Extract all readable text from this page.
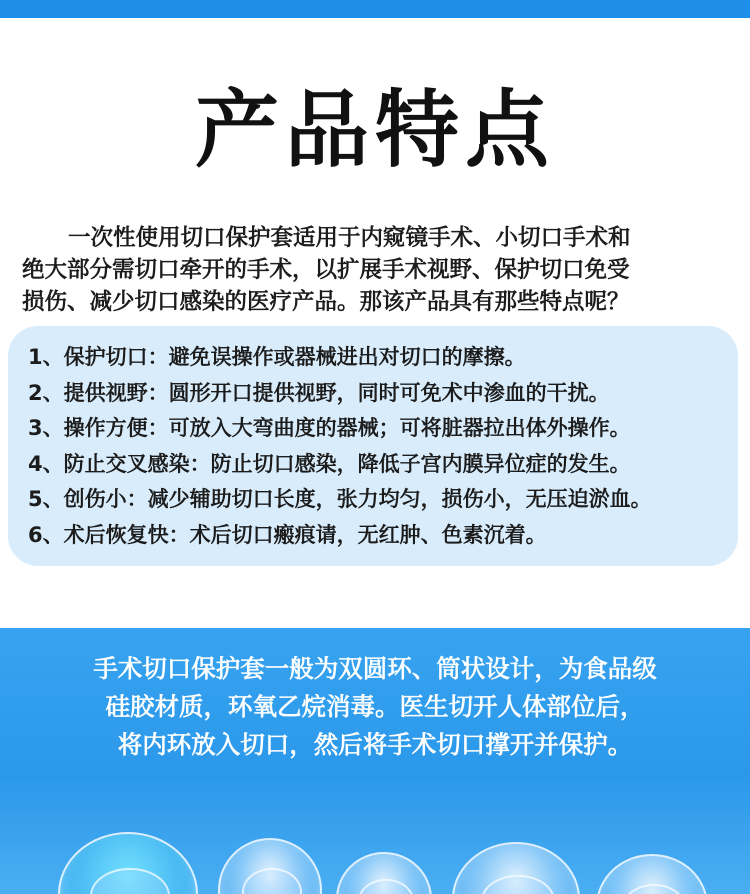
产品特点

一次性使用切口保护套适用于内窥镜手术、小切口手术和

绝大部分需切口牵开的手术，以扩展手术视野、保护切口免受

损伤、减少切口感染的医疗产品。那该产品具有那些特点呢？

1、保护切口：避免误操作或器械进出对切口的摩擦。
2、提供视野：圆形开口提供视野，同时可免术中渗血的干扰。
3、操作方便：可放入大弯曲度的器械；可将脏器拉出体外操作。
4、防止交叉感染：防止切口感染，降低子宫内膜异位症的发生。
5、创伤小：减少辅助切口长度，张力均匀，损伤小，无压迫淤血。
6、术后恢复快：术后切口瘢痕请，无红肿、色素沉着。

手术切口保护套一般为双圆环、筒状设计，为食品级

硅胶材质，环氧乙烷消毒。医生切开人体部位后，

将内环放入切口，然后将手术切口撑开并保护。
